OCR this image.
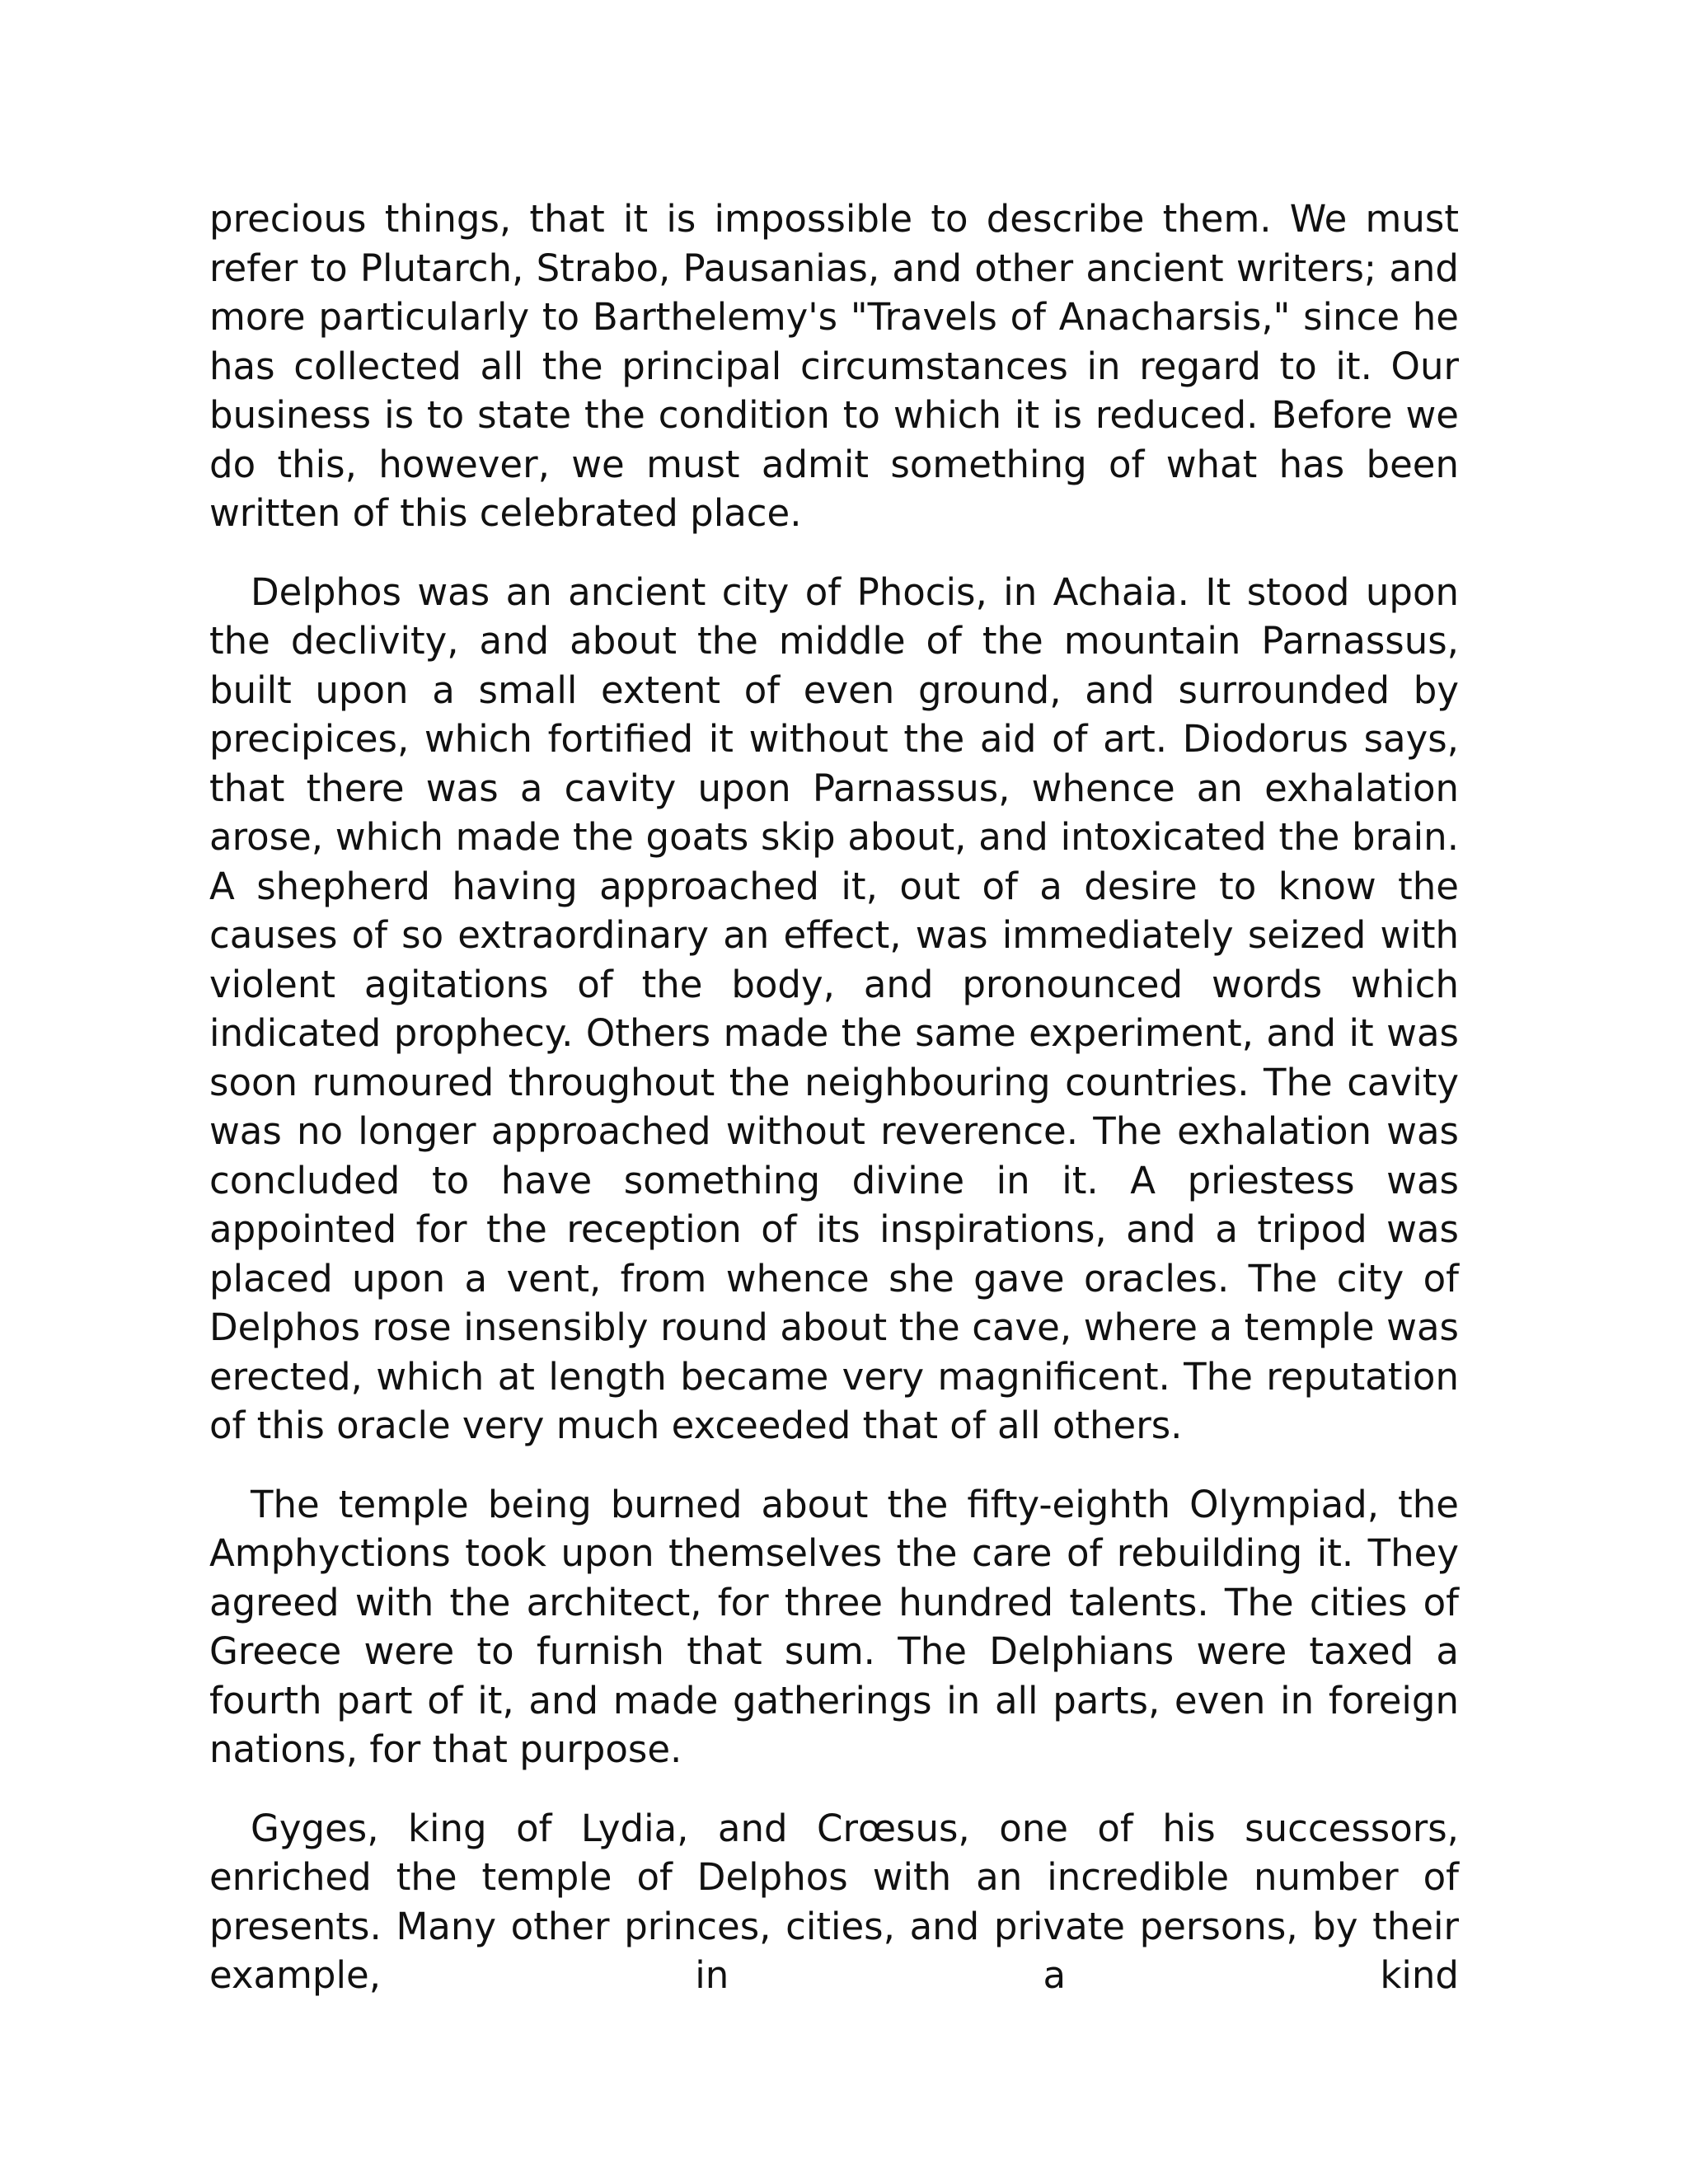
precious things, that it is impossible to describe them. We must refer to Plutarch, Strabo, Pausanias, and other ancient writers; and more particularly to Barthelemy's "Travels of Anacharsis," since he has collected all the principal circumstances in regard to it. Our business is to state the condition to which it is reduced. Before we do this, however, we must admit something of what has been written of this celebrated place.

Delphos was an ancient city of Phocis, in Achaia. It stood upon the declivity, and about the middle of the mountain Parnassus, built upon a small extent of even ground, and surrounded by precipices, which fortified it without the aid of art. Diodorus says, that there was a cavity upon Parnassus, whence an exhalation arose, which made the goats skip about, and intoxicated the brain. A shepherd having approached it, out of a desire to know the causes of so extraordinary an effect, was immediately seized with violent agitations of the body, and pronounced words which indicated prophecy. Others made the same experiment, and it was soon rumoured throughout the neighbouring countries. The cavity was no longer approached without reverence. The exhalation was concluded to have something divine in it. A priestess was appointed for the reception of its inspirations, and a tripod was placed upon a vent, from whence she gave oracles. The city of Delphos rose insensibly round about the cave, where a temple was erected, which at length became very magnificent. The reputation of this oracle very much exceeded that of all others.

The temple being burned about the fifty-eighth Olympiad, the Amphyctions took upon themselves the care of rebuilding it. They agreed with the architect, for three hundred talents. The cities of Greece were to furnish that sum. The Delphians were taxed a fourth part of it, and made gatherings in all parts, even in foreign nations, for that purpose.

Gyges, king of Lydia, and Crœsus, one of his successors, enriched the temple of Delphos with an incredible number of presents. Many other princes, cities, and private persons, by their example, in a kind
